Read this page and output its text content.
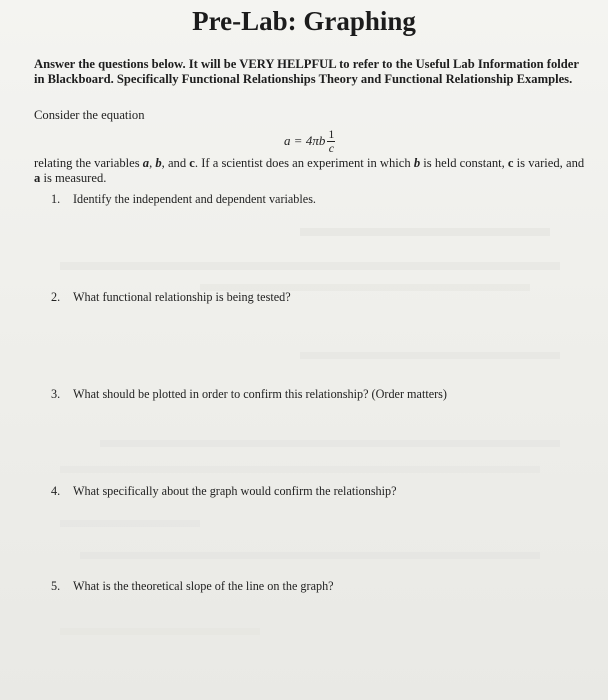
Pre-Lab: Graphing
Answer the questions below. It will be VERY HELPFUL to refer to the Useful Lab Information folder in Blackboard. Specifically Functional Relationships Theory and Functional Relationship Examples.
Consider the equation
$a = 4\pi b \frac{1}{c}$
relating the variables a, b, and c. If a scientist does an experiment in which b is held constant, c is varied, and a is measured.
1. Identify the independent and dependent variables.
2. What functional relationship is being tested?
3. What should be plotted in order to confirm this relationship? (Order matters)
4. What specifically about the graph would confirm the relationship?
5. What is the theoretical slope of the line on the graph?
